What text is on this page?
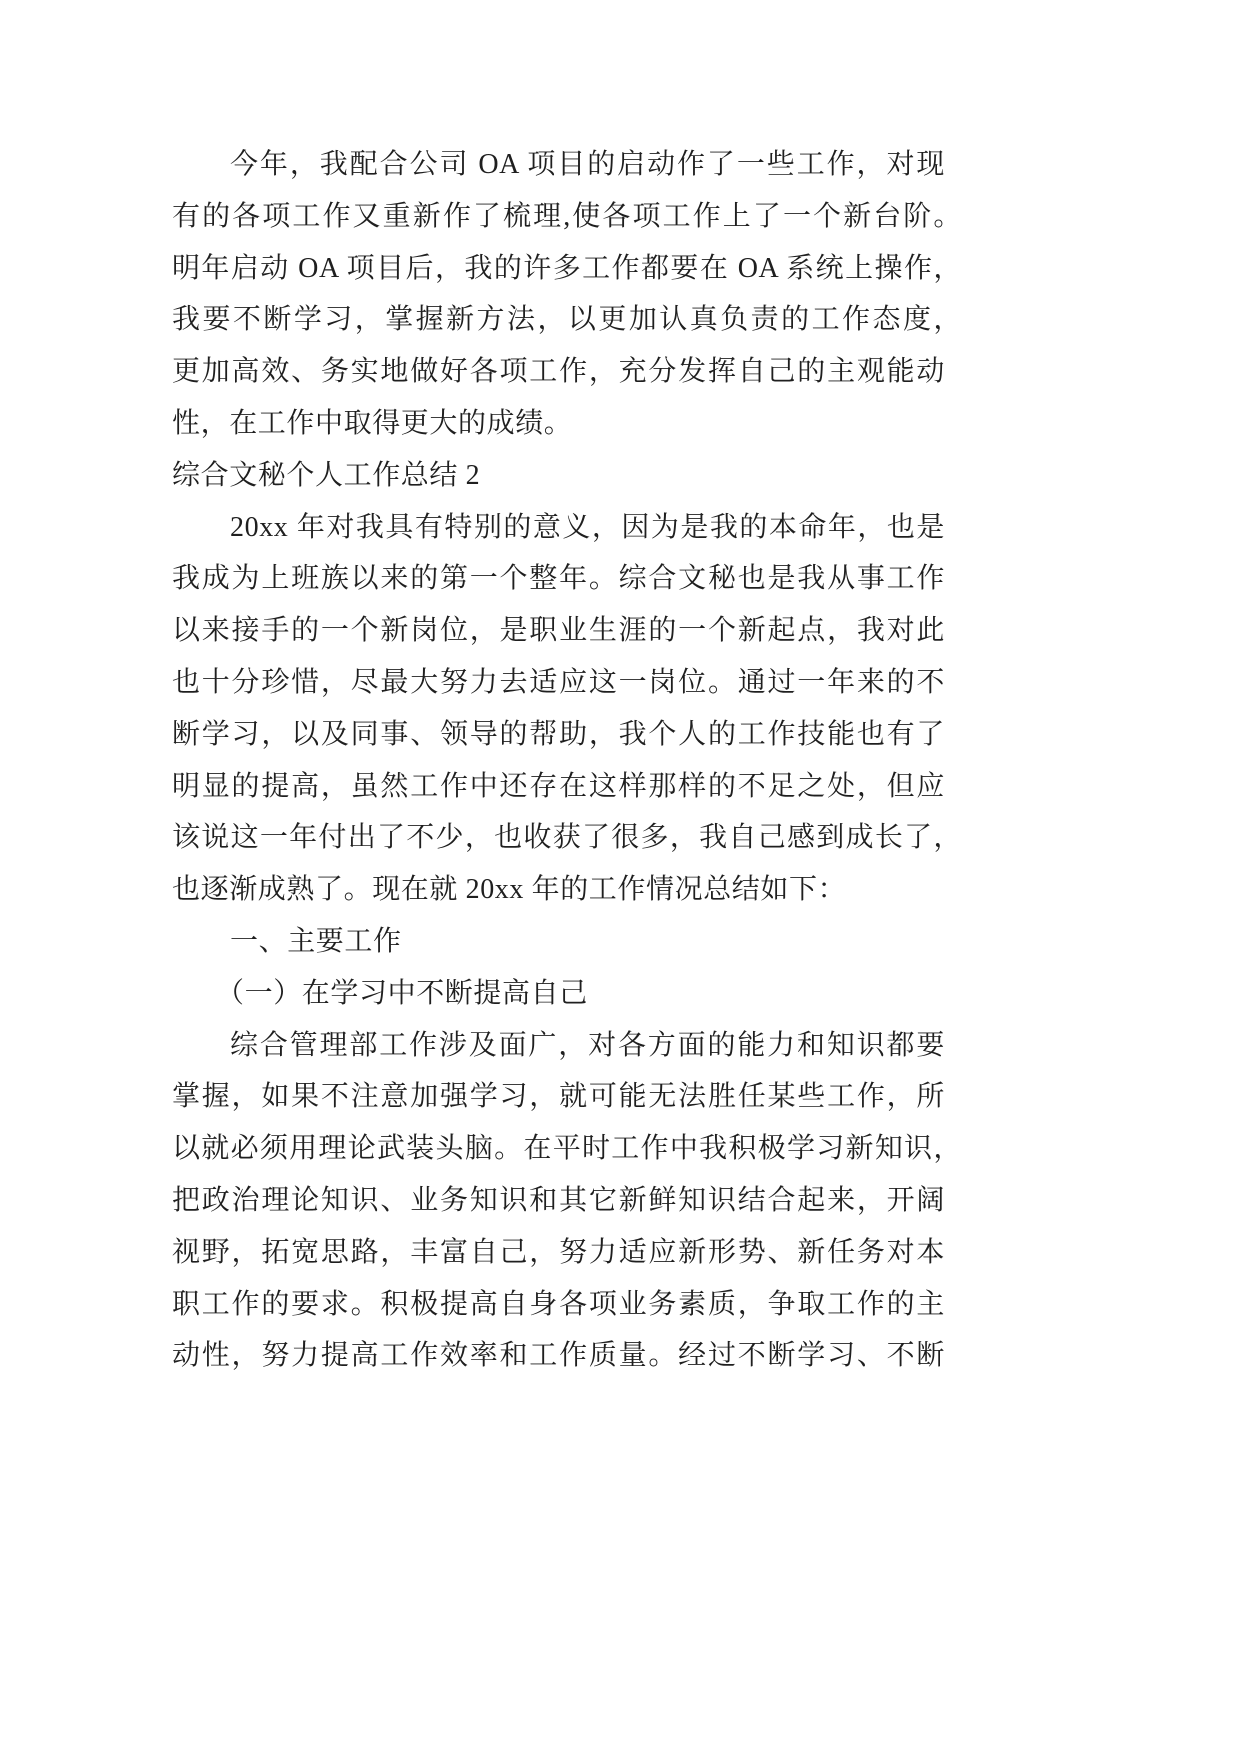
今年，我配合公司 OA 项目的启动作了一些工作，对现
有的各项工作又重新作了梳理,使各项工作上了一个新台阶。
明年启动 OA 项目后，我的许多工作都要在 OA 系统上操作，
我要不断学习，掌握新方法，以更加认真负责的工作态度，
更加高效、务实地做好各项工作，充分发挥自己的主观能动
性，在工作中取得更大的成绩。
综合文秘个人工作总结 2
20xx 年对我具有特别的意义，因为是我的本命年，也是
我成为上班族以来的第一个整年。综合文秘也是我从事工作
以来接手的一个新岗位，是职业生涯的一个新起点，我对此
也十分珍惜，尽最大努力去适应这一岗位。通过一年来的不
断学习，以及同事、领导的帮助，我个人的工作技能也有了
明显的提高，虽然工作中还存在这样那样的不足之处，但应
该说这一年付出了不少，也收获了很多，我自己感到成长了，
也逐渐成熟了。现在就 20xx 年的工作情况总结如下：
一、主要工作
（一）在学习中不断提高自己
综合管理部工作涉及面广，对各方面的能力和知识都要
掌握，如果不注意加强学习，就可能无法胜任某些工作，所
以就必须用理论武装头脑。在平时工作中我积极学习新知识，
把政治理论知识、业务知识和其它新鲜知识结合起来，开阔
视野，拓宽思路，丰富自己，努力适应新形势、新任务对本
职工作的要求。积极提高自身各项业务素质，争取工作的主
动性，努力提高工作效率和工作质量。经过不断学习、不断
